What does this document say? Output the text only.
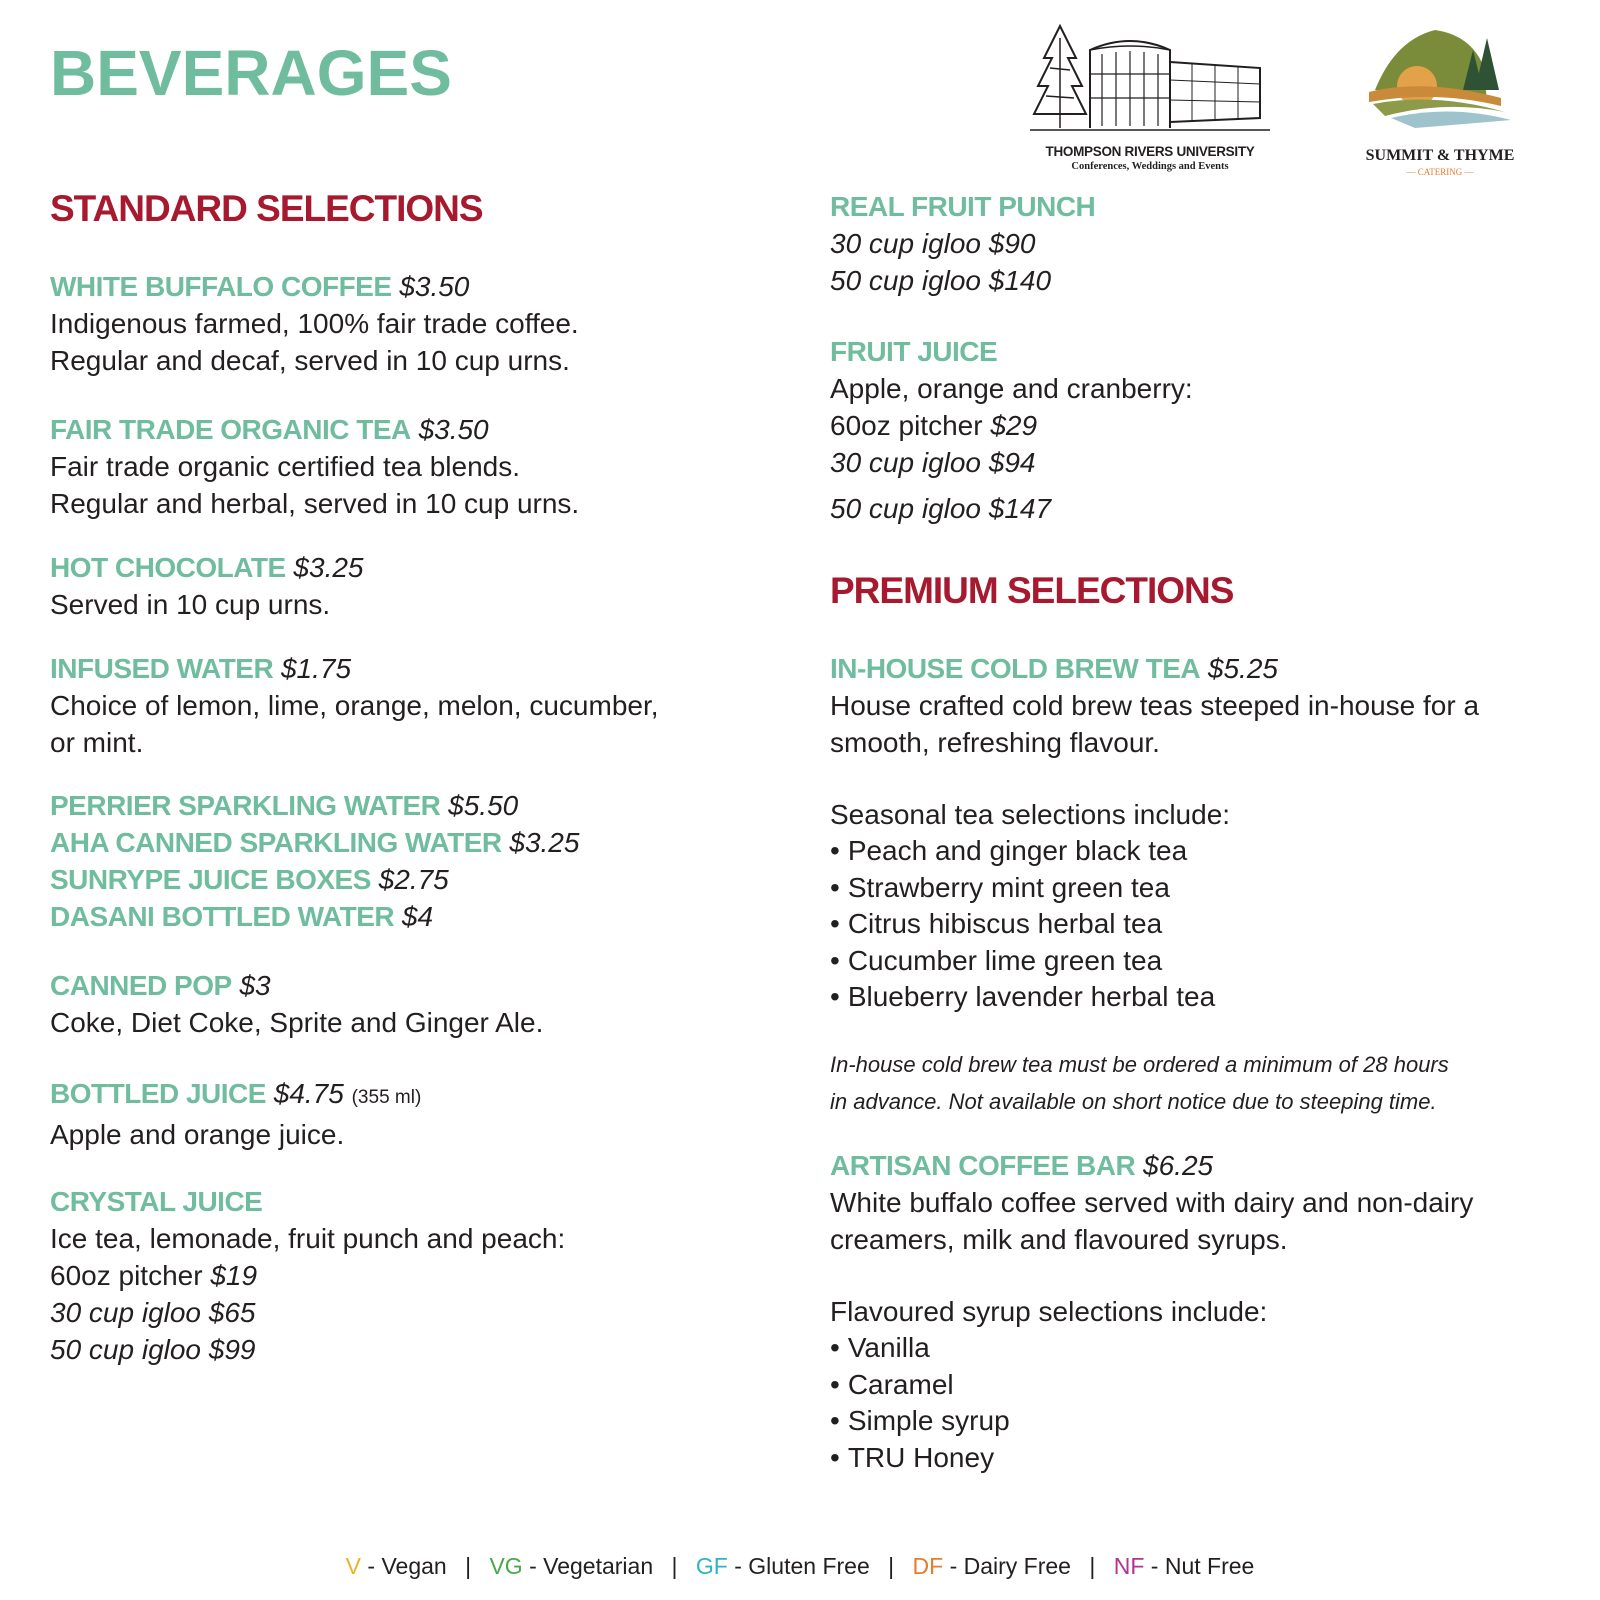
BEVERAGES
THOMPSON RIVERS UNIVERSITY
Conferences, Weddings and Events
SUMMIT & THYME
— CATERING —
STANDARD SELECTIONS
WHITE BUFFALO COFFEE $3.50
Indigenous farmed, 100% fair trade coffee.
Regular and decaf, served in 10 cup urns.
FAIR TRADE ORGANIC TEA $3.50
Fair trade organic certified tea blends.
Regular and herbal, served in 10 cup urns.
HOT CHOCOLATE $3.25
Served in 10 cup urns.
INFUSED WATER $1.75
Choice of lemon, lime, orange, melon, cucumber,
or mint.
PERRIER SPARKLING WATER $5.50
AHA CANNED SPARKLING WATER $3.25
SUNRYPE JUICE BOXES $2.75
DASANI BOTTLED WATER $4
CANNED POP $3
Coke, Diet Coke, Sprite and Ginger Ale.
BOTTLED JUICE $4.75 (355 ml)
Apple and orange juice.
CRYSTAL JUICE
Ice tea, lemonade, fruit punch and peach:
60oz pitcher $19
30 cup igloo $65
50 cup igloo $99
REAL FRUIT PUNCH
30 cup igloo $90
50 cup igloo $140
FRUIT JUICE
Apple, orange and cranberry:
60oz pitcher $29
30 cup igloo $94
50 cup igloo $147
PREMIUM SELECTIONS
IN-HOUSE COLD BREW TEA $5.25
House crafted cold brew teas steeped in-house for a
smooth, refreshing flavour.
Seasonal tea selections include:
• Peach and ginger black tea
• Strawberry mint green tea
• Citrus hibiscus herbal tea
• Cucumber lime green tea
• Blueberry lavender herbal tea
In-house cold brew tea must be ordered a minimum of 28 hours
in advance. Not available on short notice due to steeping time.
ARTISAN COFFEE BAR $6.25
White buffalo coffee served with dairy and non-dairy
creamers, milk and flavoured syrups.
Flavoured syrup selections include:
• Vanilla
• Caramel
• Simple syrup
• TRU Honey
V - Vegan | VG - Vegetarian | GF - Gluten Free | DF - Dairy Free | NF - Nut Free
